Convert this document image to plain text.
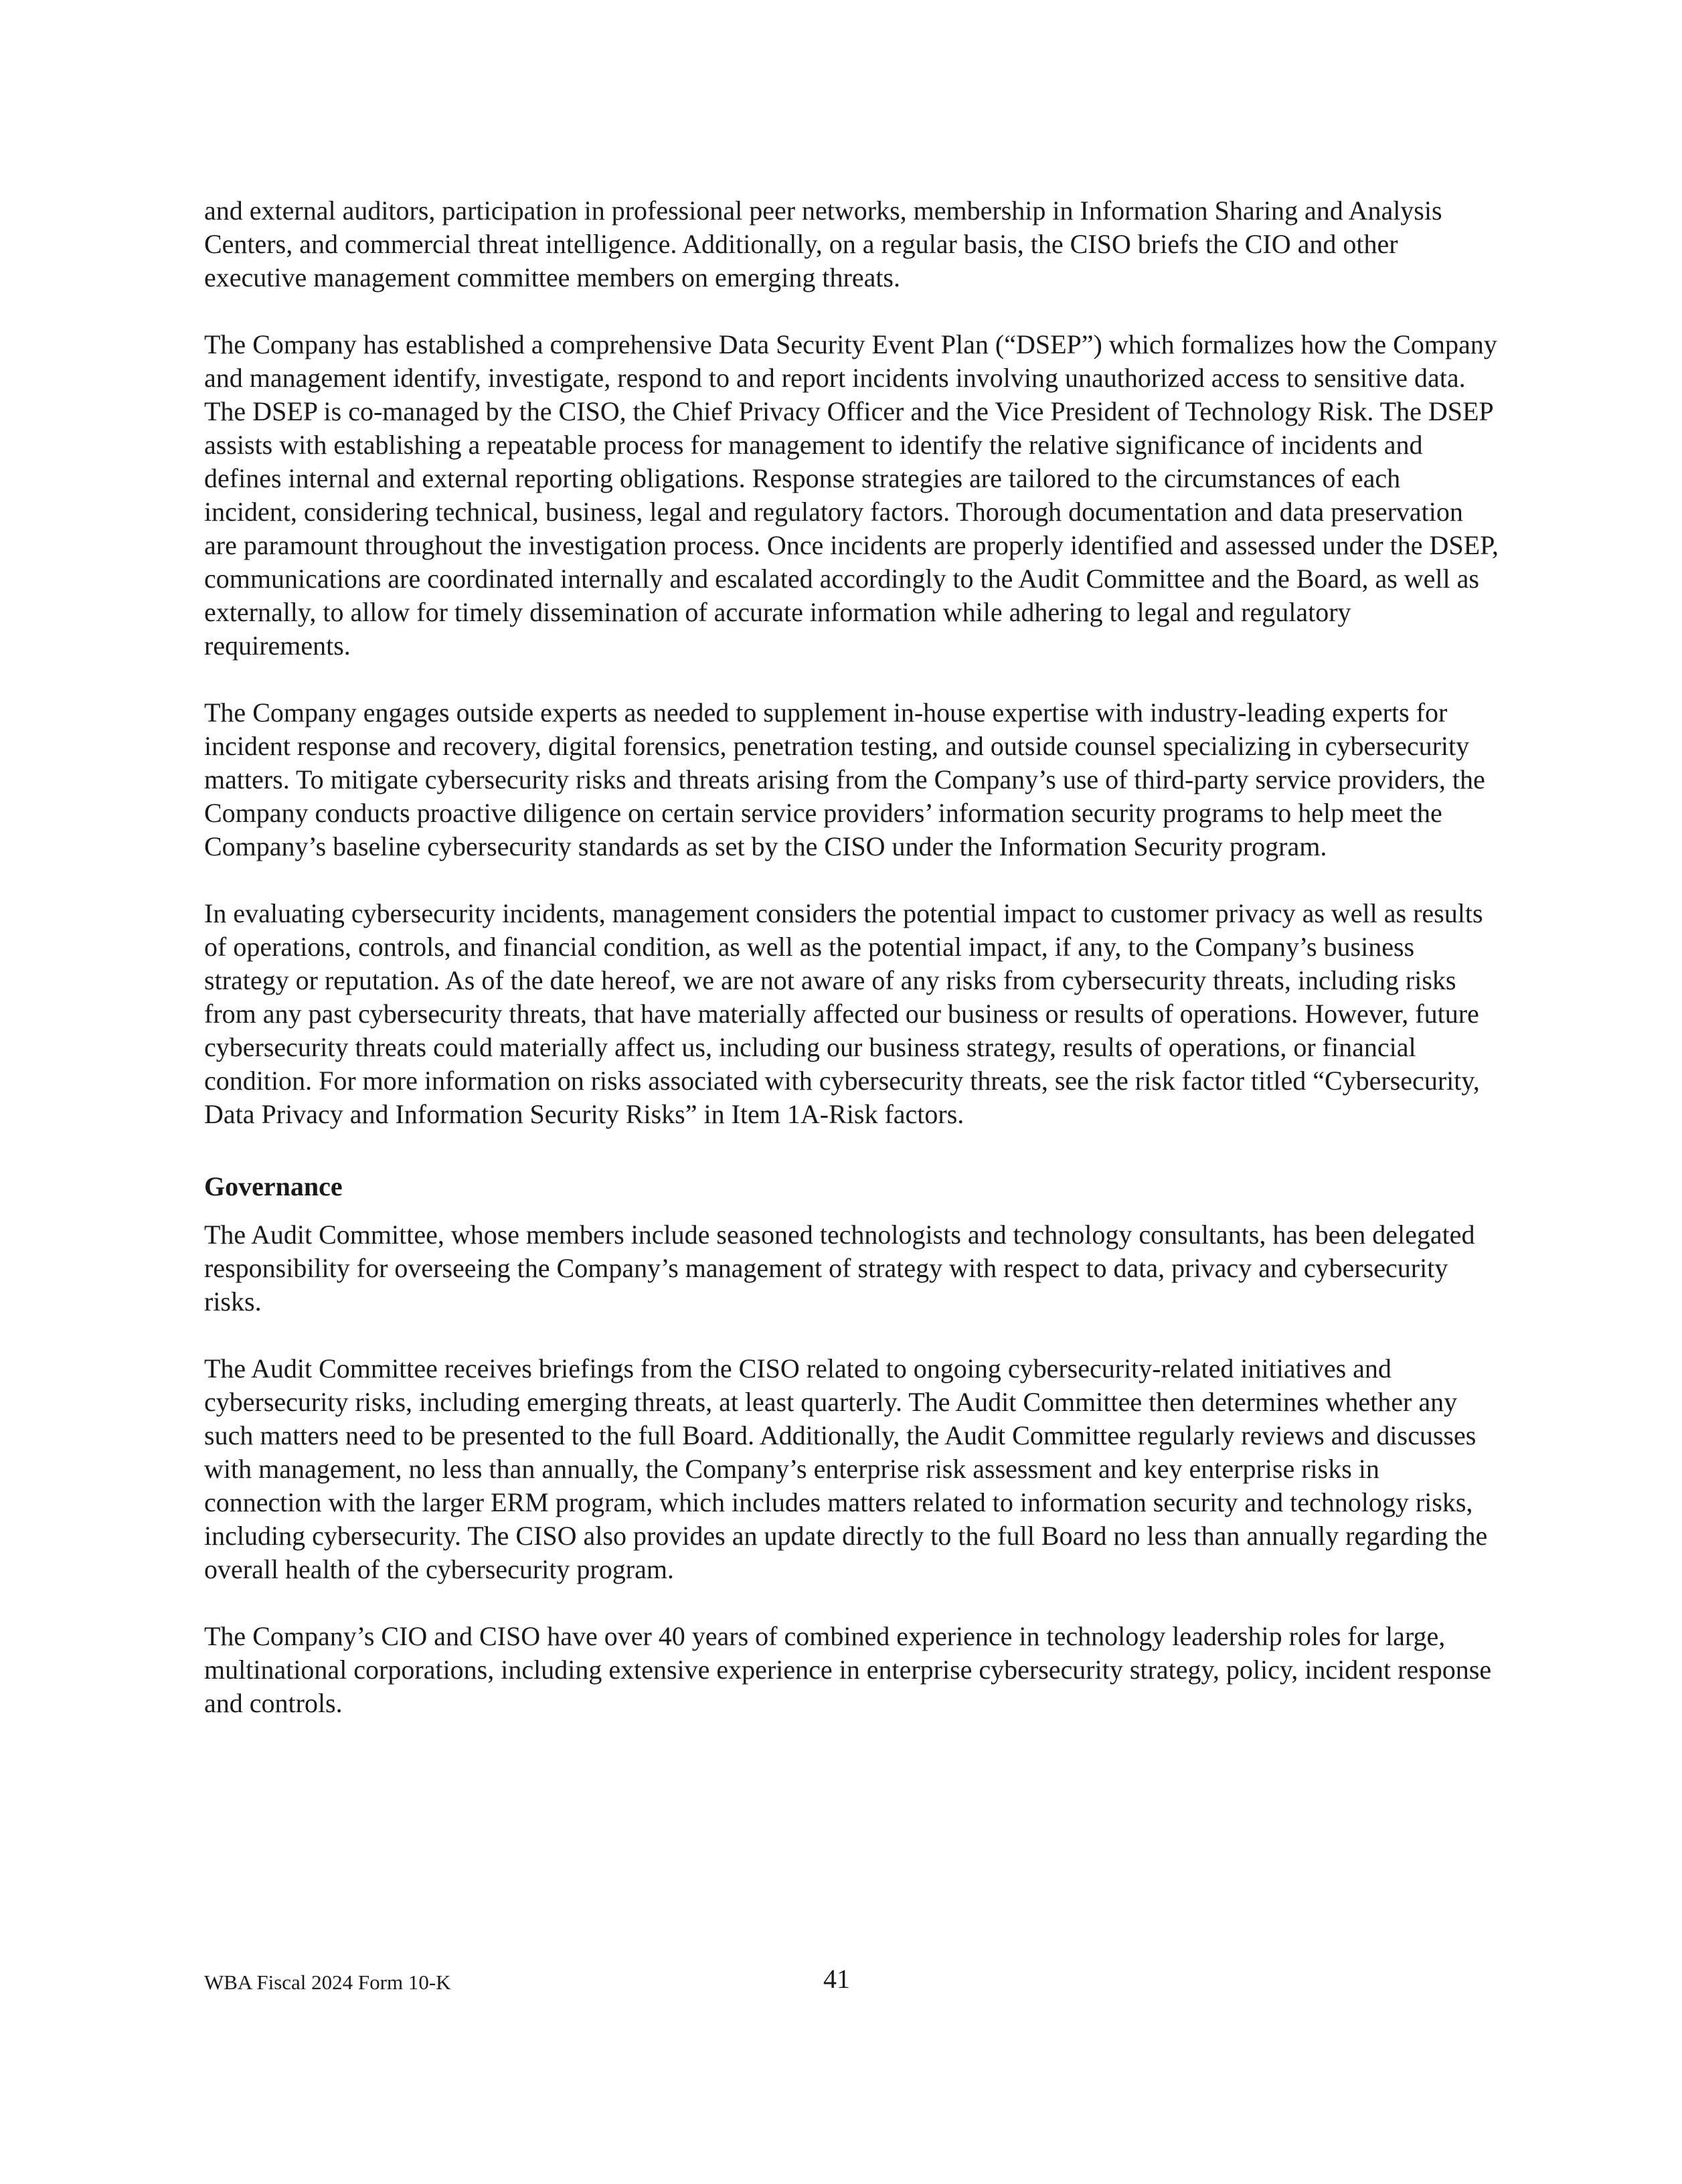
and external auditors, participation in professional peer networks, membership in Information Sharing and Analysis Centers, and commercial threat intelligence. Additionally, on a regular basis, the CISO briefs the CIO and other executive management committee members on emerging threats.

The Company has established a comprehensive Data Security Event Plan (“DSEP”) which formalizes how the Company and management identify, investigate, respond to and report incidents involving unauthorized access to sensitive data. The DSEP is co-managed by the CISO, the Chief Privacy Officer and the Vice President of Technology Risk. The DSEP assists with establishing a repeatable process for management to identify the relative significance of incidents and defines internal and external reporting obligations. Response strategies are tailored to the circumstances of each incident, considering technical, business, legal and regulatory factors. Thorough documentation and data preservation are paramount throughout the investigation process. Once incidents are properly identified and assessed under the DSEP, communications are coordinated internally and escalated accordingly to the Audit Committee and the Board, as well as externally, to allow for timely dissemination of accurate information while adhering to legal and regulatory requirements.

The Company engages outside experts as needed to supplement in-house expertise with industry-leading experts for incident response and recovery, digital forensics, penetration testing, and outside counsel specializing in cybersecurity matters. To mitigate cybersecurity risks and threats arising from the Company’s use of third-party service providers, the Company conducts proactive diligence on certain service providers’ information security programs to help meet the Company’s baseline cybersecurity standards as set by the CISO under the Information Security program.

In evaluating cybersecurity incidents, management considers the potential impact to customer privacy as well as results of operations, controls, and financial condition, as well as the potential impact, if any, to the Company’s business strategy or reputation. As of the date hereof, we are not aware of any risks from cybersecurity threats, including risks from any past cybersecurity threats, that have materially affected our business or results of operations. However, future cybersecurity threats could materially affect us, including our business strategy, results of operations, or financial condition. For more information on risks associated with cybersecurity threats, see the risk factor titled “Cybersecurity, Data Privacy and Information Security Risks” in Item 1A-Risk factors.

Governance

The Audit Committee, whose members include seasoned technologists and technology consultants, has been delegated responsibility for overseeing the Company’s management of strategy with respect to data, privacy and cybersecurity risks.

The Audit Committee receives briefings from the CISO related to ongoing cybersecurity-related initiatives and cybersecurity risks, including emerging threats, at least quarterly. The Audit Committee then determines whether any such matters need to be presented to the full Board. Additionally, the Audit Committee regularly reviews and discusses with management, no less than annually, the Company’s enterprise risk assessment and key enterprise risks in connection with the larger ERM program, which includes matters related to information security and technology risks, including cybersecurity. The CISO also provides an update directly to the full Board no less than annually regarding the overall health of the cybersecurity program.

The Company’s CIO and CISO have over 40 years of combined experience in technology leadership roles for large, multinational corporations, including extensive experience in enterprise cybersecurity strategy, policy, incident response and controls.

WBA Fiscal 2024 Form 10-K	41
